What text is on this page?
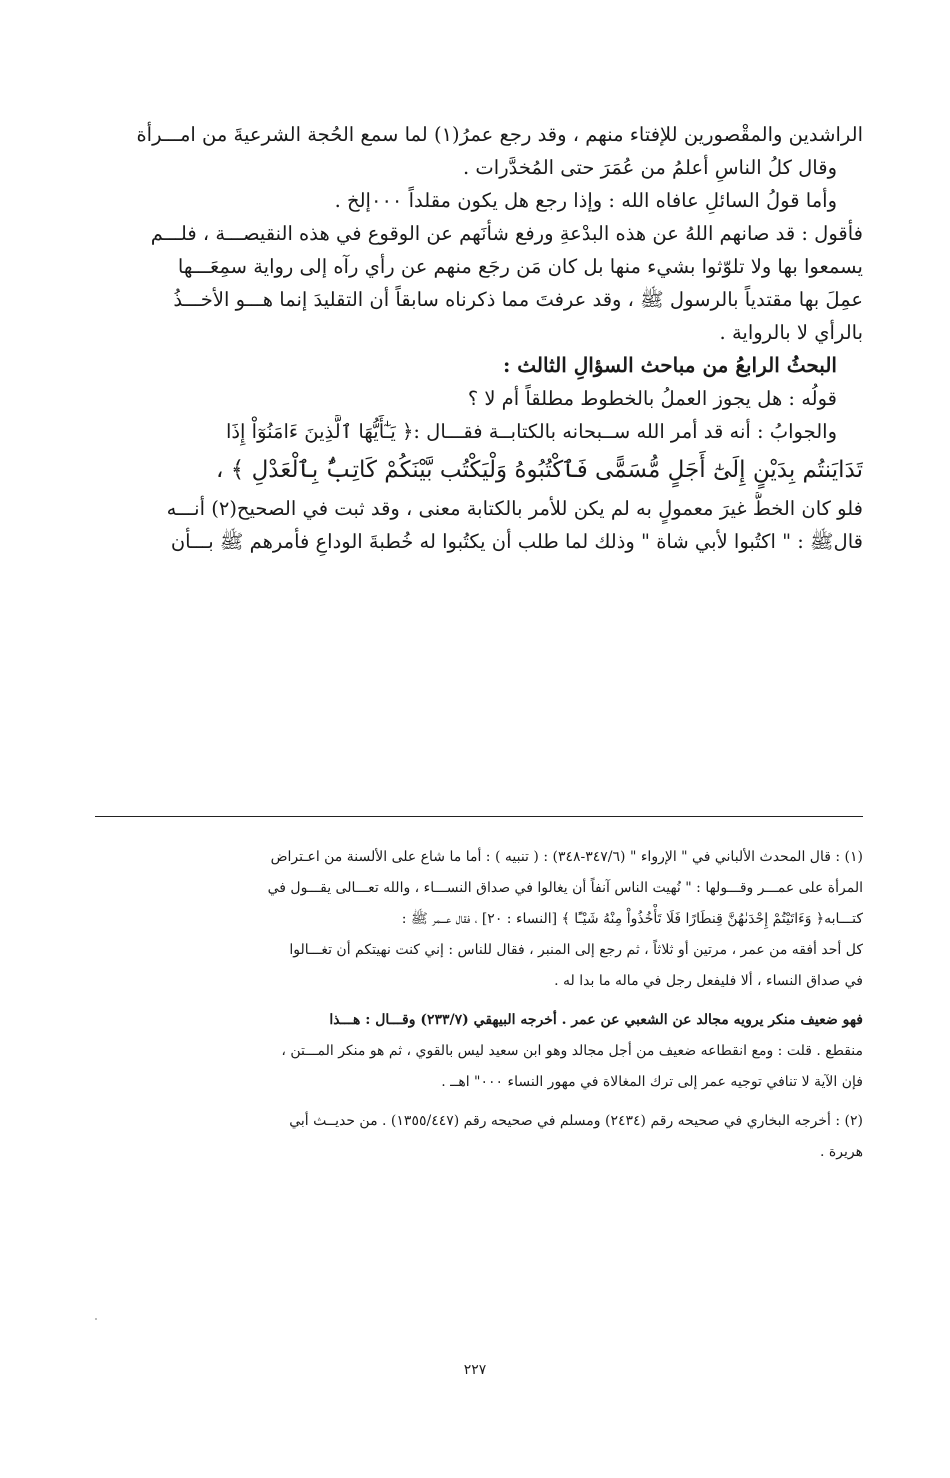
الراشدين والمقْصورين للإفتاء منهم ، وقد رجع عمرُ(١) لما سمع الحُجة الشرعيةَ من امـــرأة
وقال كلُ الناسِ أعلمُ من عُمَرَ حتى المُخدَّرات .
وأما قولُ السائلِ عافاه الله : وإذا رجع هل يكون مقلداً ٠٠٠إلخ .
فأقول : قد صانهم اللهُ عن هذه البدْعةِ ورفع شأنَهم عن الوقوع في هذه النقيصـــة ، فلـــم
يسمعوا بها ولا تلوّثوا بشيء منها بل كان مَن رجَع منهم عن رأي رآه إلى رواية سمِعَـــها
عمِلَ بها مقتدياً بالرسول ﷺ ، وقد عرفتَ مما ذكرناه سابقاً أن التقليدَ إنما هـــو الأخـــذُ
بالرأي لا بالرواية .
البحثُ الرابعُ من مباحث السؤالِ الثالث :
قولُه : هل يجوز العملُ بالخطوط مطلقاً أم لا ؟
والجوابُ : أنه قد أمر الله ســبحانه بالكتابــة فقـــال :﴿ يَـٰٓأَيُّهَا ٱلَّذِينَ ءَامَنُوٓاْ إِذَا
تَدَايَنتُم بِدَيْنٍ إِلَىٰٓ أَجَلٍ مُّسَمًّى فَٱكْتُبُوهُ وَلْيَكْتُب بَّيْنَكُمْ كَاتِبٌۢ بِٱلْعَدْلِ ﴾ ،
فلو كان الخطُّ غيرَ معمولٍ به لم يكن للأمر بالكتابة معنى ، وقد ثبت في الصحيح(٢) أنـــه
قالﷺ : " اكتُبوا لأبي شاة " وذلك لما طلب أن يكتُبوا له خُطبةَ الوداعِ فأمرهم ﷺ بـــأن
(١) : قال المحدث الألباني في " الإرواء " (٣٤٧/٦-٣٤٨) : ( تنبيه ) : أما ما شاع على الألسنة من اعـتراض
المرأة على عمـــر وقـــولها : " نُهيت الناس آنفاً أن يغالوا في صداق النســـاء ، والله تعـــالى يقـــول في
كتـــابه﴿ وَءَاتَيْتُمْ إِحْدَىٰهُنَّ قِنطَارًا فَلَا تَأْخُذُواْ مِنْهُ شَيْـًٔا ﴾ [النساء : ٢٠] ، فقال عـــمر ﷺ :
كل أحد أفقه من عمر ، مرتين أو ثلاثاً ، ثم رجع إلى المنبر ، فقال للناس : إني كنت نهيتكم أن تغـــالوا
في صداق النساء ، ألا فليفعل رجل في ماله ما بدا له .
فهو ضعيف منكر يرويه مجالد عن الشعبي عن عمر . أخرجه البيهقي (٢٣٣/٧) وقـــال : هـــذا
منقطع . قلت : ومع انقطاعه ضعيف من أجل مجالد وهو ابن سعيد ليس بالقوي ، ثم هو منكر المـــتن ،
فإن الآية لا تنافي توجيه عمر إلى ترك المغالاة في مهور النساء ٠٠٠" اهــ .
(٢) : أخرجه البخاري في صحيحه رقم (٢٤٣٤) ومسلم في صحيحه رقم (١٣٥٥/٤٤٧) . من حديــث أبي
هريرة .
٢٢٧
